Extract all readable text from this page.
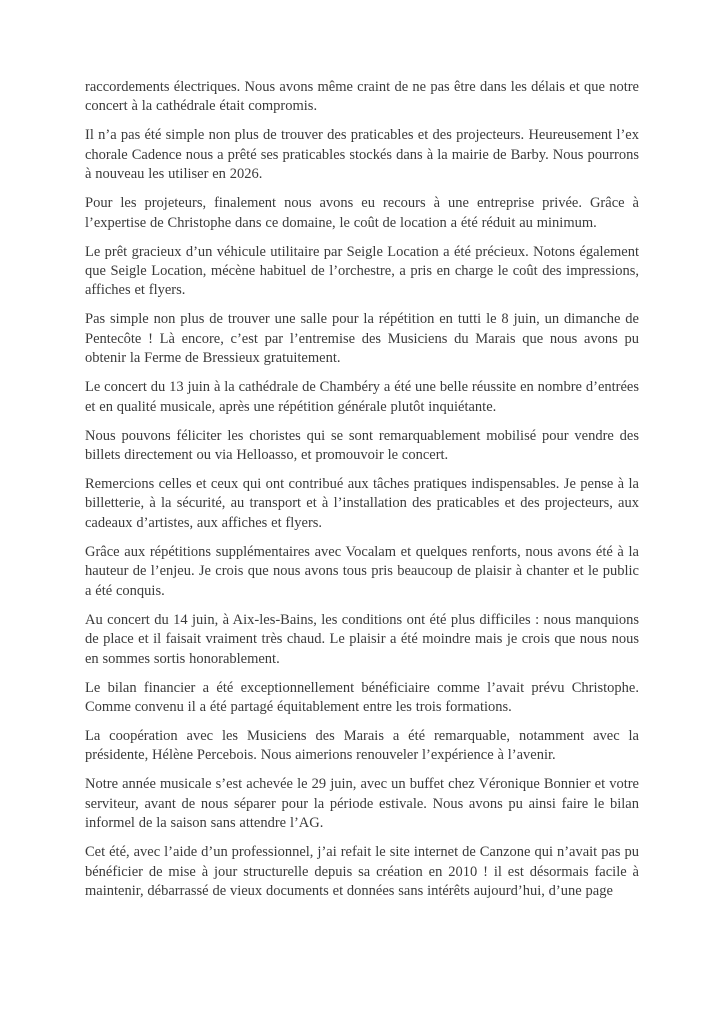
raccordements électriques. Nous avons même craint de ne pas être dans les délais et que notre concert à la cathédrale était compromis.

Il n’a pas été simple non plus de trouver des praticables et des projecteurs. Heureusement l’ex chorale Cadence nous a prêté ses praticables stockés dans à la mairie de Barby. Nous pourrons à nouveau les utiliser en 2026.

Pour les projeteurs, finalement nous avons eu recours à une entreprise privée. Grâce à l’expertise de Christophe dans ce domaine, le coût de location a été réduit au minimum.

Le prêt gracieux d’un véhicule utilitaire par Seigle Location a été précieux. Notons également que Seigle Location, mécène habituel de l’orchestre, a pris en charge le coût des impressions, affiches et flyers.

Pas simple non plus de trouver une salle pour la répétition en tutti le 8 juin, un dimanche de Pentecôte ! Là encore, c’est par l’entremise des Musiciens du Marais que nous avons pu obtenir la Ferme de Bressieux gratuitement.

Le concert du 13 juin à la cathédrale de Chambéry a été une belle réussite en nombre d’entrées et en qualité musicale, après une répétition générale plutôt inquiétante.

Nous pouvons féliciter les choristes qui se sont remarquablement mobilisé pour vendre des billets directement ou via Helloasso, et promouvoir le concert.

Remercions celles et ceux qui ont contribué aux tâches pratiques indispensables. Je pense à la billetterie, à la sécurité, au transport et à l’installation des praticables et des projecteurs, aux cadeaux d’artistes, aux affiches et flyers.

Grâce aux répétitions supplémentaires avec Vocalam et quelques renforts, nous avons été à la hauteur de l’enjeu. Je crois que nous avons tous pris beaucoup de plaisir à chanter et le public a été conquis.

Au concert du 14 juin, à Aix-les-Bains, les conditions ont été plus difficiles : nous manquions de place et il faisait vraiment très chaud. Le plaisir a été moindre mais je crois que nous nous en sommes sortis honorablement.

Le bilan financier a été exceptionnellement bénéficiaire comme l’avait prévu Christophe. Comme convenu il a été partagé équitablement entre les trois formations.

La coopération avec les Musiciens des Marais a été remarquable, notamment avec la présidente, Hélène Percebois. Nous aimerions renouveler l’expérience à l’avenir.

Notre année musicale s’est achevée le 29 juin, avec un buffet chez Véronique Bonnier et votre serviteur, avant de nous séparer pour la période estivale. Nous avons pu ainsi faire le bilan informel de la saison sans attendre l’AG.

Cet été, avec l’aide d’un professionnel, j’ai refait le site internet de Canzone qui n’avait pas pu bénéficier de mise à jour structurelle depuis sa création en 2010 ! il est désormais facile à maintenir, débarrassé de vieux documents et données sans intérêts aujourd’hui, d’une page
